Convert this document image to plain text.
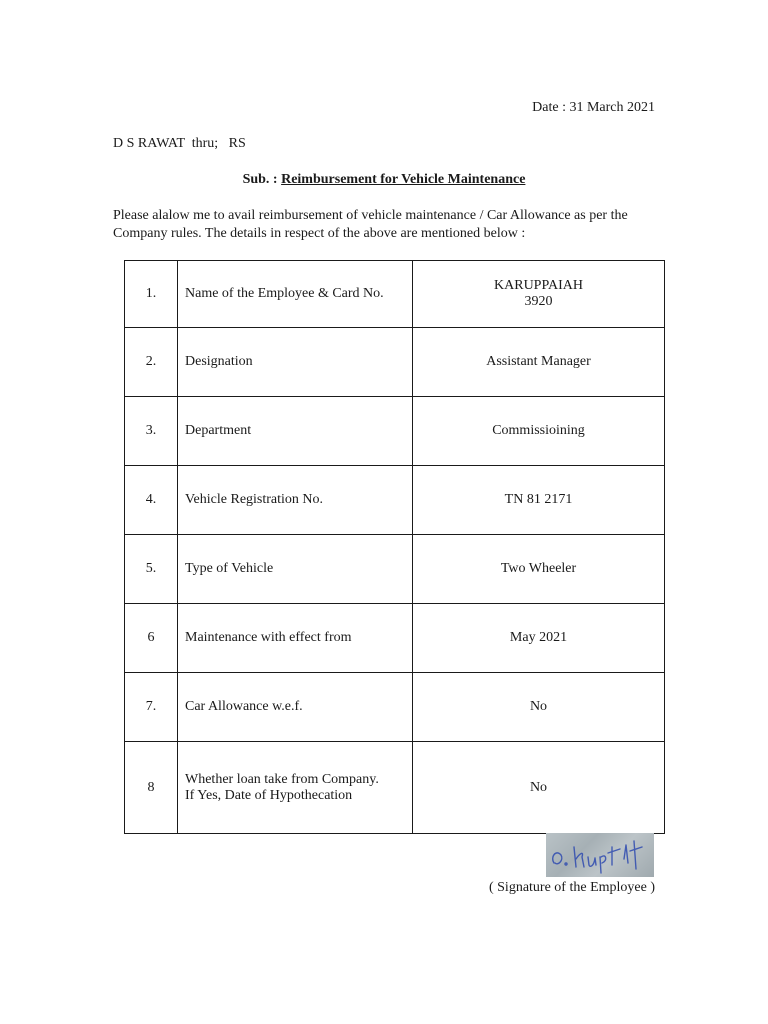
Date : 31 March 2021
D S RAWAT  thru;   RS
Sub. : Reimbursement for Vehicle Maintenance
Please alalow me to avail reimbursement of vehicle maintenance / Car Allowance as per the Company rules. The details in respect of the above are mentioned below :
1.	Name of the Employee & Card No.	KARUPPAIAH
3920

2.	Designation	Assistant Manager

3.	Department	Commissioining

4.	Vehicle Registration No.	TN 81 2171

5.	Type of Vehicle	Two Wheeler

6	Maintenance with effect from	May 2021

7.	Car Allowance w.e.f.	No

8	Whether loan take from Company.
If Yes, Date of Hypothecation	No
( Signature of the Employee )
